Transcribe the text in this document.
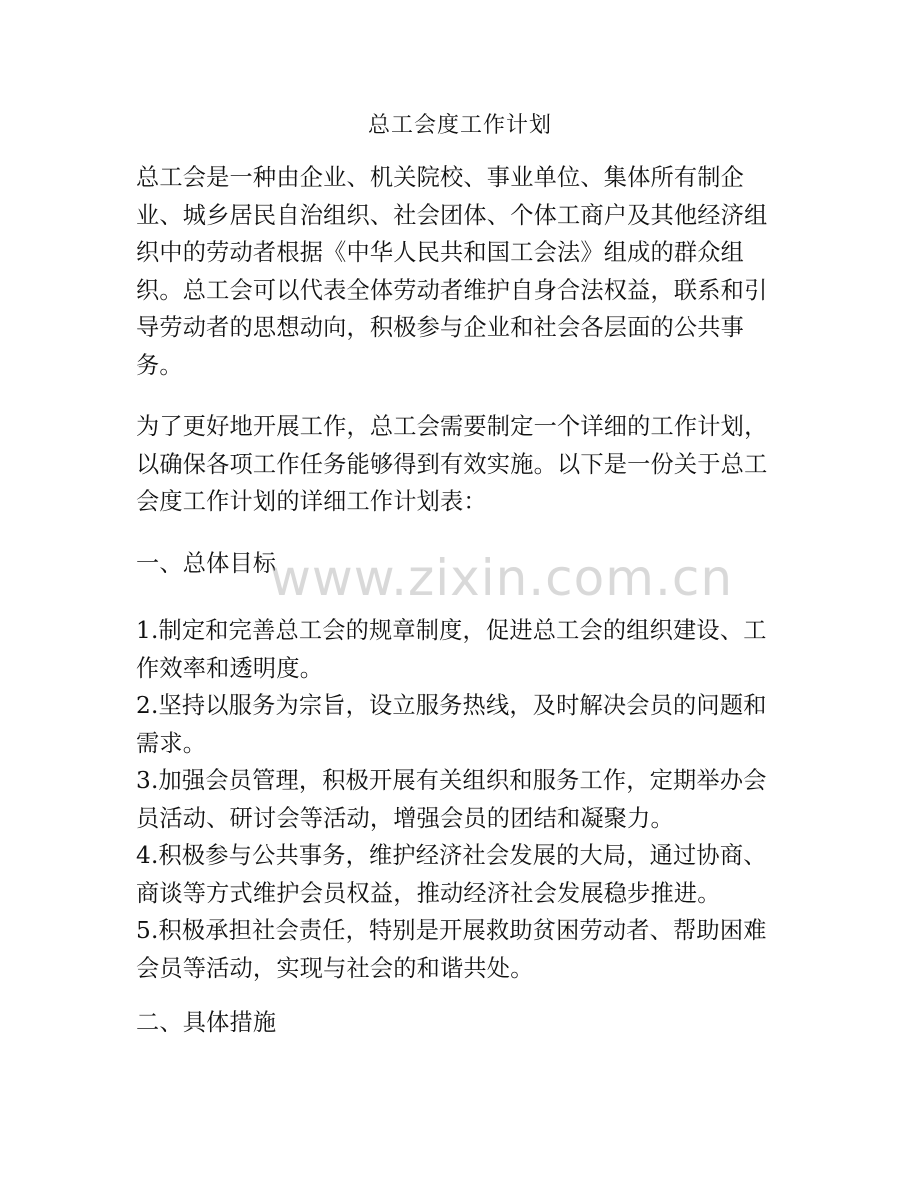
总工会度工作计划
总工会是一种由企业、机关院校、事业单位、集体所有制企
业、城乡居民自治组织、社会团体、个体工商户及其他经济组
织中的劳动者根据《中华人民共和国工会法》组成的群众组
织。总工会可以代表全体劳动者维护自身合法权益，联系和引
导劳动者的思想动向，积极参与企业和社会各层面的公共事
务。
为了更好地开展工作，总工会需要制定一个详细的工作计划，
以确保各项工作任务能够得到有效实施。以下是一份关于总工
会度工作计划的详细工作计划表：
一、总体目标
1.制定和完善总工会的规章制度，促进总工会的组织建设、工
作效率和透明度。
2.坚持以服务为宗旨，设立服务热线，及时解决会员的问题和
需求。
3.加强会员管理，积极开展有关组织和服务工作，定期举办会
员活动、研讨会等活动，增强会员的团结和凝聚力。
4.积极参与公共事务，维护经济社会发展的大局，通过协商、
商谈等方式维护会员权益，推动经济社会发展稳步推进。
5.积极承担社会责任，特别是开展救助贫困劳动者、帮助困难
会员等活动，实现与社会的和谐共处。
二、具体措施
www.zixin.com.cn
